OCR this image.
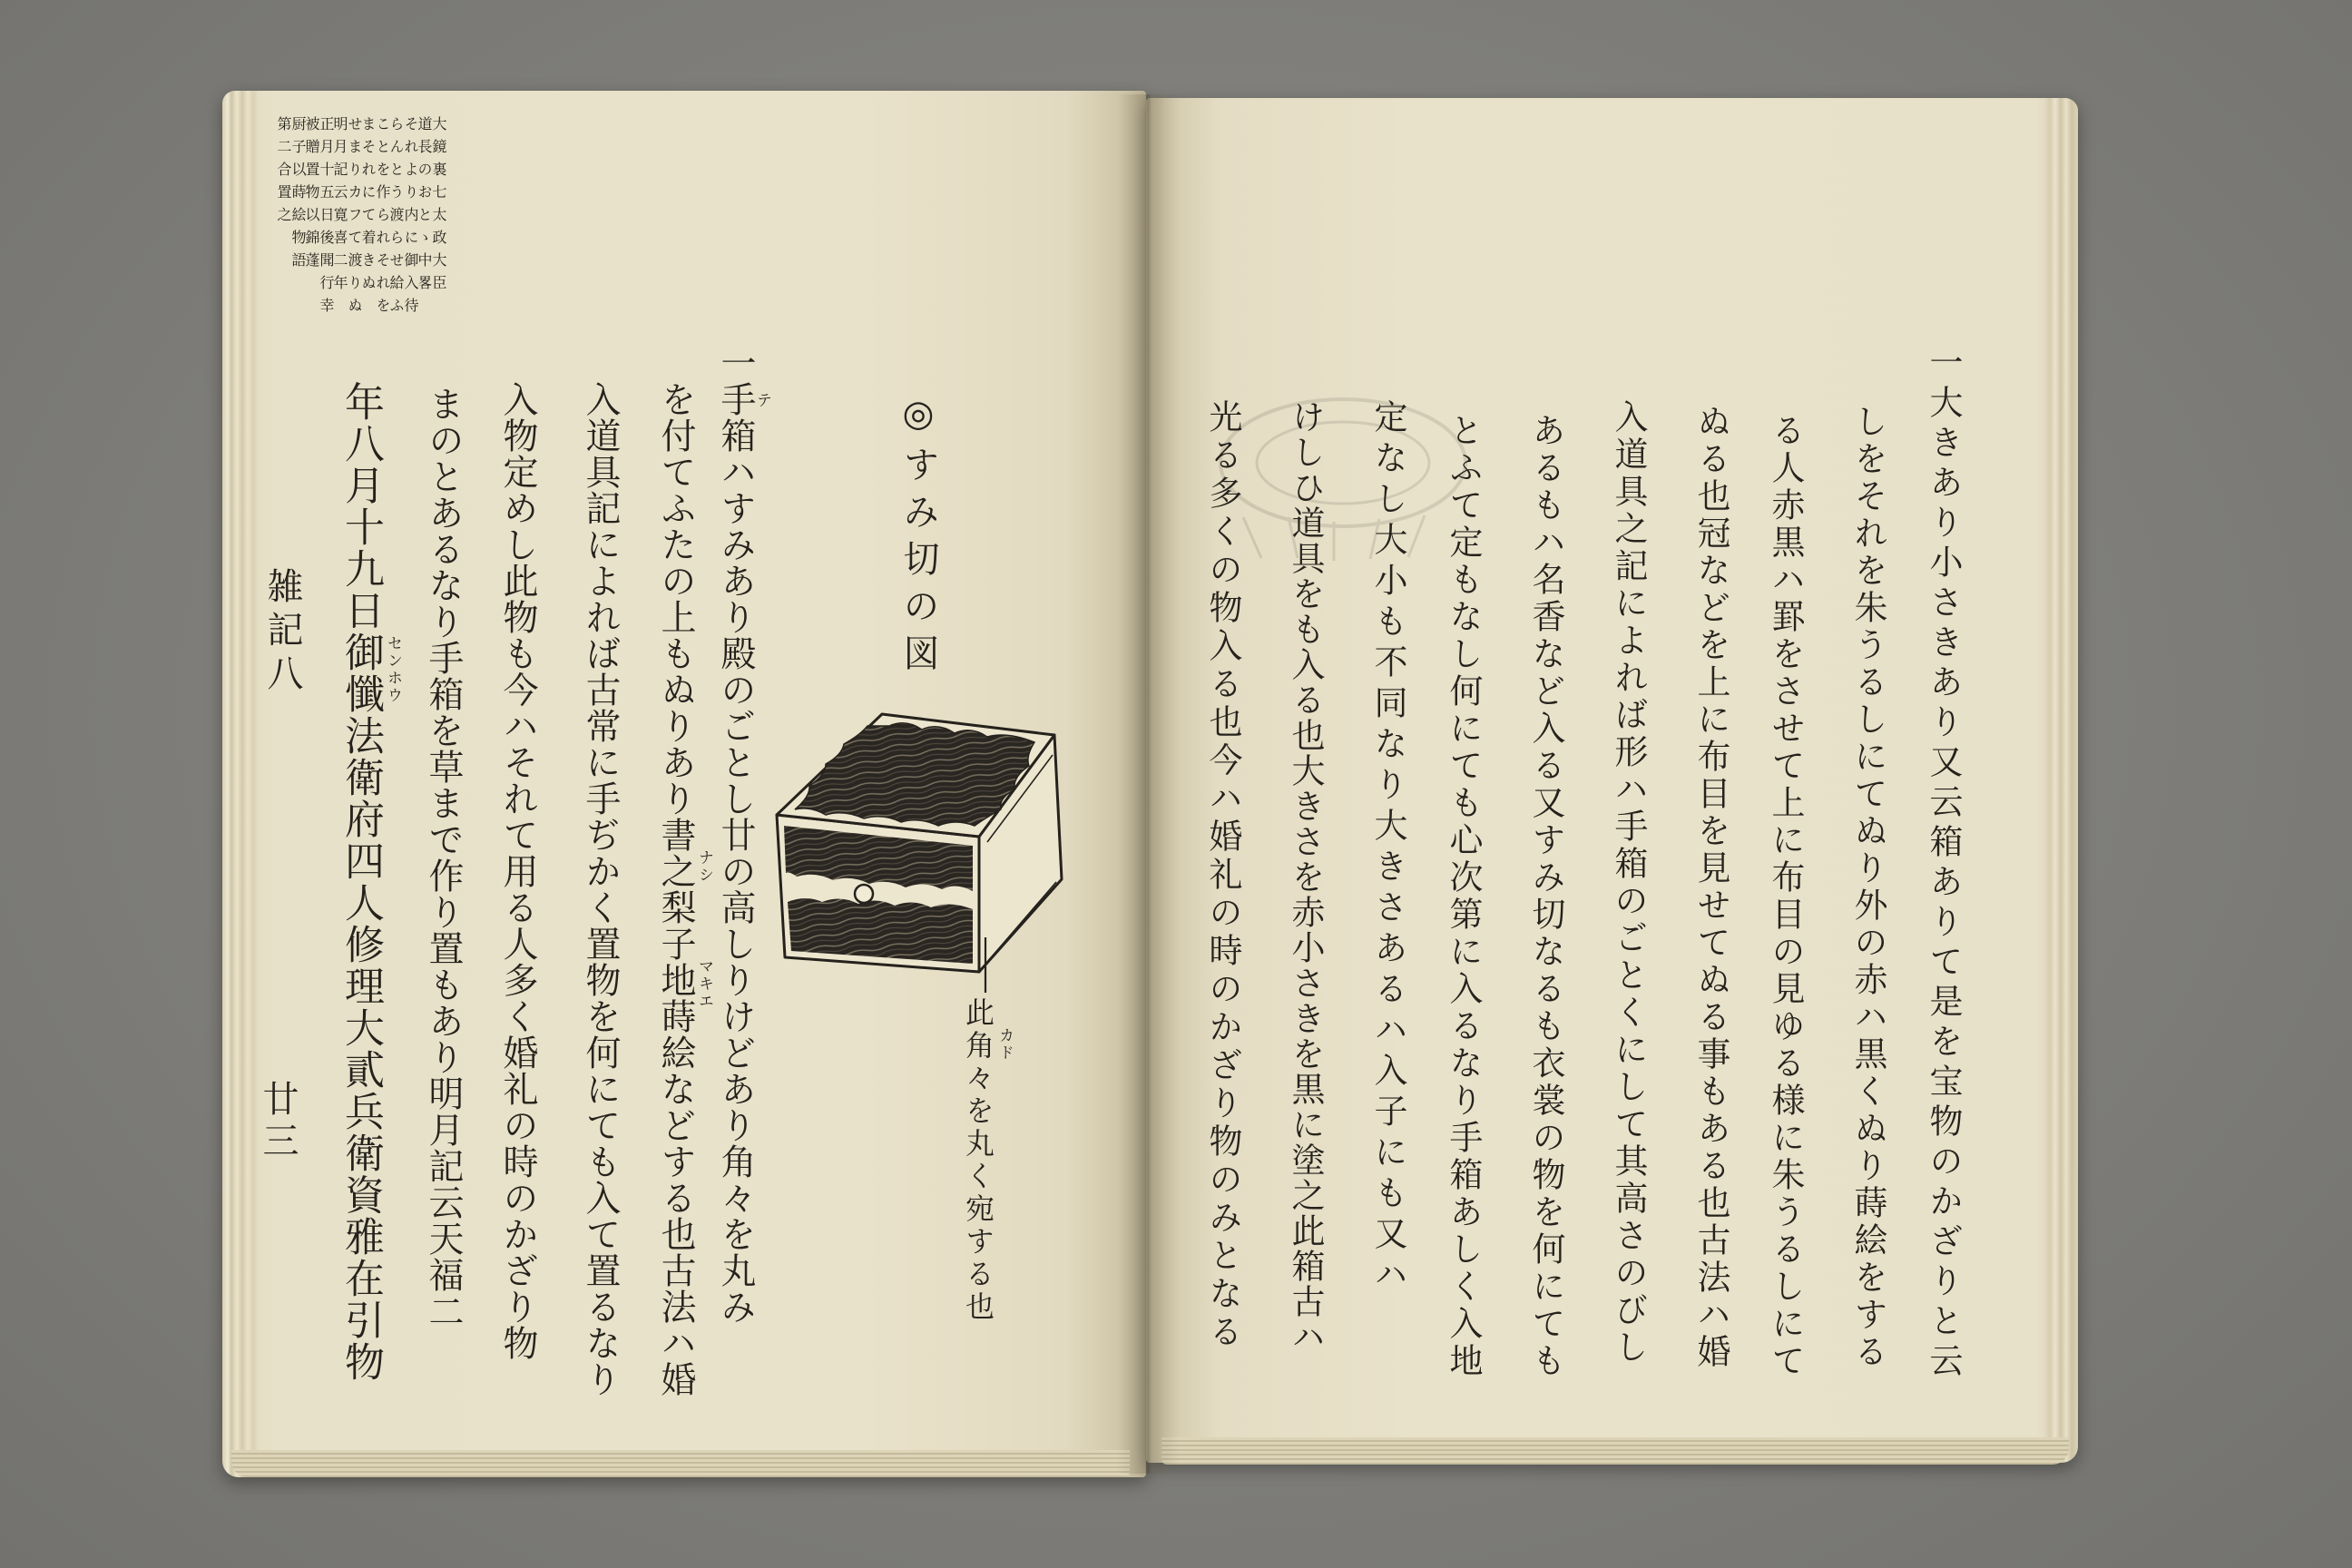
大鏡裏七太政大臣
道長のおとゝ中畧
それより内に御入待
らんとう渡らせ給ふ
ことを作られそれを
まそれにて着きぬ
せまりカフて渡りぬ
明月記云寛喜二年
正月十五日後聞行幸
被贈置物以錦蓬
厨子以蒔絵物語
第二合置之
◎すみ切の図
此角々を丸く宛する也 カド
一手箱ハすみあり殿のごとし廿の高しりけどあり角々を丸み
を付てふたの上もぬりあり書之梨子地蒔絵などする也古法ハ婚
入道具記によれば古常に手ぢかく置物を何にても入て置るなり
入物定めし此物も今ハそれて用る人多く婚礼の時のかざり物
まのとあるなり手箱を草まで作り置もあり明月記云天福二
年八月十九日御懺法衛府四人修理大貳兵衛資雅在引物	テ
ナシ
マキエ
センホウ
雑記八
廿三	一大きあり小さきあり又云箱ありて是を宝物のかざりと云
しをそれを朱うるしにてぬり外の赤ハ黒くぬり蒔絵をする
る人赤黒ハ罫をさせて上に布目の見ゆる様に朱うるしにて
ぬる也冠などを上に布目を見せてぬる事もある也古法ハ婚
入道具之記によれば形ハ手箱のごとくにして其高さのびし
あるもハ名香など入る又すみ切なるも衣裳の物を何にても
とふて定もなし何にても心次第に入るなり手箱あしく入地
定なし大小も不同なり大きさあるハ入子にも又ハ
けしひ道具をも入る也大きさを赤小さきを黒に塗之此箱古ハ
光る多くの物入る也今ハ婚礼の時のかざり物のみとなる
